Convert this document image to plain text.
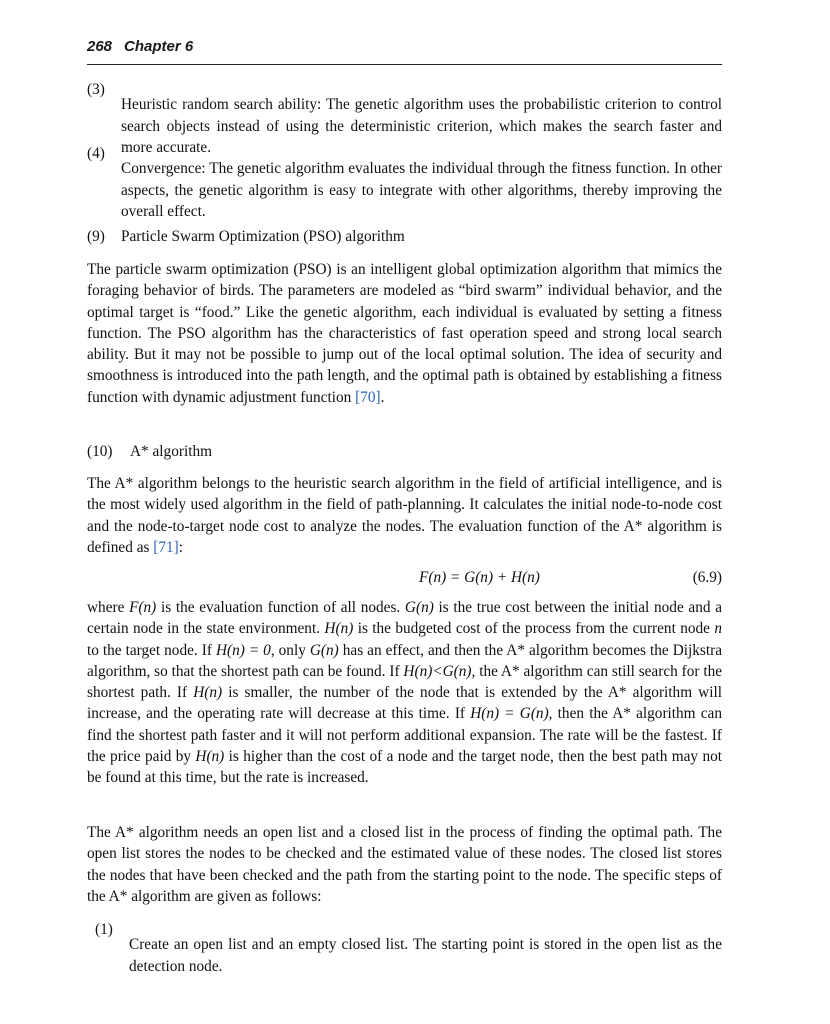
268 Chapter 6
(3)

Heuristic random search ability: The genetic algorithm uses the probabilistic criterion to control search objects instead of using the deterministic criterion, which makes the search faster and more accurate.

(4)

Convergence: The genetic algorithm evaluates the individual through the fitness function. In other aspects, the genetic algorithm is easy to integrate with other algorithms, thereby improving the overall effect.

(9) Particle Swarm Optimization (PSO) algorithm

The particle swarm optimization (PSO) is an intelligent global optimization algorithm that mimics the foraging behavior of birds. The parameters are modeled as “bird swarm” individual behavior, and the optimal target is “food.” Like the genetic algorithm, each individual is evaluated by setting a fitness function. The PSO algorithm has the characteristics of fast operation speed and strong local search ability. But it may not be possible to jump out of the local optimal solution. The idea of security and smoothness is introduced into the path length, and the optimal path is obtained by establishing a fitness function with dynamic adjustment function [70].

(10) A* algorithm

The A* algorithm belongs to the heuristic search algorithm in the field of artificial intelligence, and is the most widely used algorithm in the field of path-planning. It calculates the initial node-to-node cost and the node-to-target node cost to analyze the nodes. The evaluation function of the A* algorithm is defined as [71]:

F(n) = G(n) + H(n)	(6.9)

where F(n) is the evaluation function of all nodes. G(n) is the true cost between the initial node and a certain node in the state environment. H(n) is the budgeted cost of the process from the current node n to the target node. If H(n) = 0, only G(n) has an effect, and then the A* algorithm becomes the Dijkstra algorithm, so that the shortest path can be found. If H(n)<G(n), the A* algorithm can still search for the shortest path. If H(n) is smaller, the number of the node that is extended by the A* algorithm will increase, and the operating rate will decrease at this time. If H(n) = G(n), then the A* algorithm can find the shortest path faster and it will not perform additional expansion. The rate will be the fastest. If the price paid by H(n) is higher than the cost of a node and the target node, then the best path may not be found at this time, but the rate is increased.

The A* algorithm needs an open list and a closed list in the process of finding the optimal path. The open list stores the nodes to be checked and the estimated value of these nodes. The closed list stores the nodes that have been checked and the path from the starting point to the node. The specific steps of the A* algorithm are given as follows:

(1)

Create an open list and an empty closed list. The starting point is stored in the open list as the detection node.
